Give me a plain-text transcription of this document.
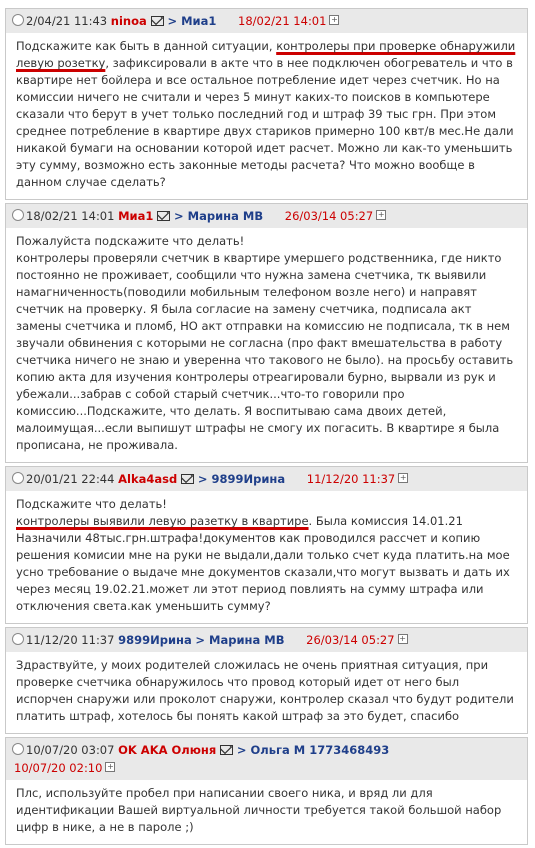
2/04/21 11:43 ninoa > Миа1 18/02/21 14:01 +
Подскажите как быть в данной ситуации, контролеры при проверке обнаружили левую розетку, зафиксировали в акте что в нее подключен обогреватель и что в квартире нет бойлера и все остальное потребление идет через счетчик. Но на комиссии ничего не считали и через 5 минут каких-то поисков в компьютере сказали что берут в учет только последний год и штраф 39 тыс грн. При этом среднее потребление в квартире двух стариков примерно 100 квт/в мес.Не дали никакой бумаги на основании которой идет расчет. Можно ли как-то уменьшить эту сумму, возможно есть законные методы расчета? Что можно вообще в данном случае сделать?
18/02/21 14:01 Миа1 > Марина МВ 26/03/14 05:27 +
Пожалуйста подскажите что делать!
контролеры проверяли счетчик в квартире умершего родственника, где никто постоянно не проживает, сообщили что нужна замена счетчика, тк выявили намагниченность(поводили мобильным телефоном возле него) и направят счетчик на проверку. Я была согласие на замену счетчика, подписала акт замены счетчика и пломб, НО акт отправки на комиссию не подписала, тк в нем звучали обвинения с которыми не согласна (про факт вмешательства в работу счетчика ничего не знаю и уверенна что такового не было). на просьбу оставить копию акта для изучения контролеры отреагировали бурно, вырвали из рук и убежали...забрав с собой старый счетчик...что-то говорили про комиссию...Подскажите, что делать. Я воспитываю сама двоих детей, малоимущая...если выпишут штрафы не смогу их погасить. В квартире я была прописана, не проживала.
20/01/21 22:44 Alka4asd > 9899Ирина 11/12/20 11:37 +
Подскажите что делать!
контролеры выявили левую разетку в квартире. Была комиссия 14.01.21 Назначили 48тыс.грн.штрафа!документов как проводился рассчет и копию решения комисии мне на руки не выдали,дали только счет куда платить.на мое усно требование о выдаче мне документов сказали,что могут вызвать и дать их через месяц 19.02.21.может ли этот период повлиять на сумму штрафа или отключения света.как уменьшить сумму?
11/12/20 11:37 9899Ирина > Марина МВ 26/03/14 05:27 +
Здраствуйте, у моих родителей сложилась не очень приятная ситуация, при проверке счетчика обнаружилось что провод который идет от него был испорчен снаружи или проколот снаружи, контролер сказал что будут родители платить штраф, хотелось бы понять какой штраф за это будет, спасибо
10/07/20 03:07 OK AKA Олюня > Ольга М 1773468493
10/07/20 02:10 +
Плс, используйте пробел при написании своего ника, и вряд ли для идентификации Вашей виртуальной личности требуется такой большой набор цифр в нике, а не в пароле ;)
